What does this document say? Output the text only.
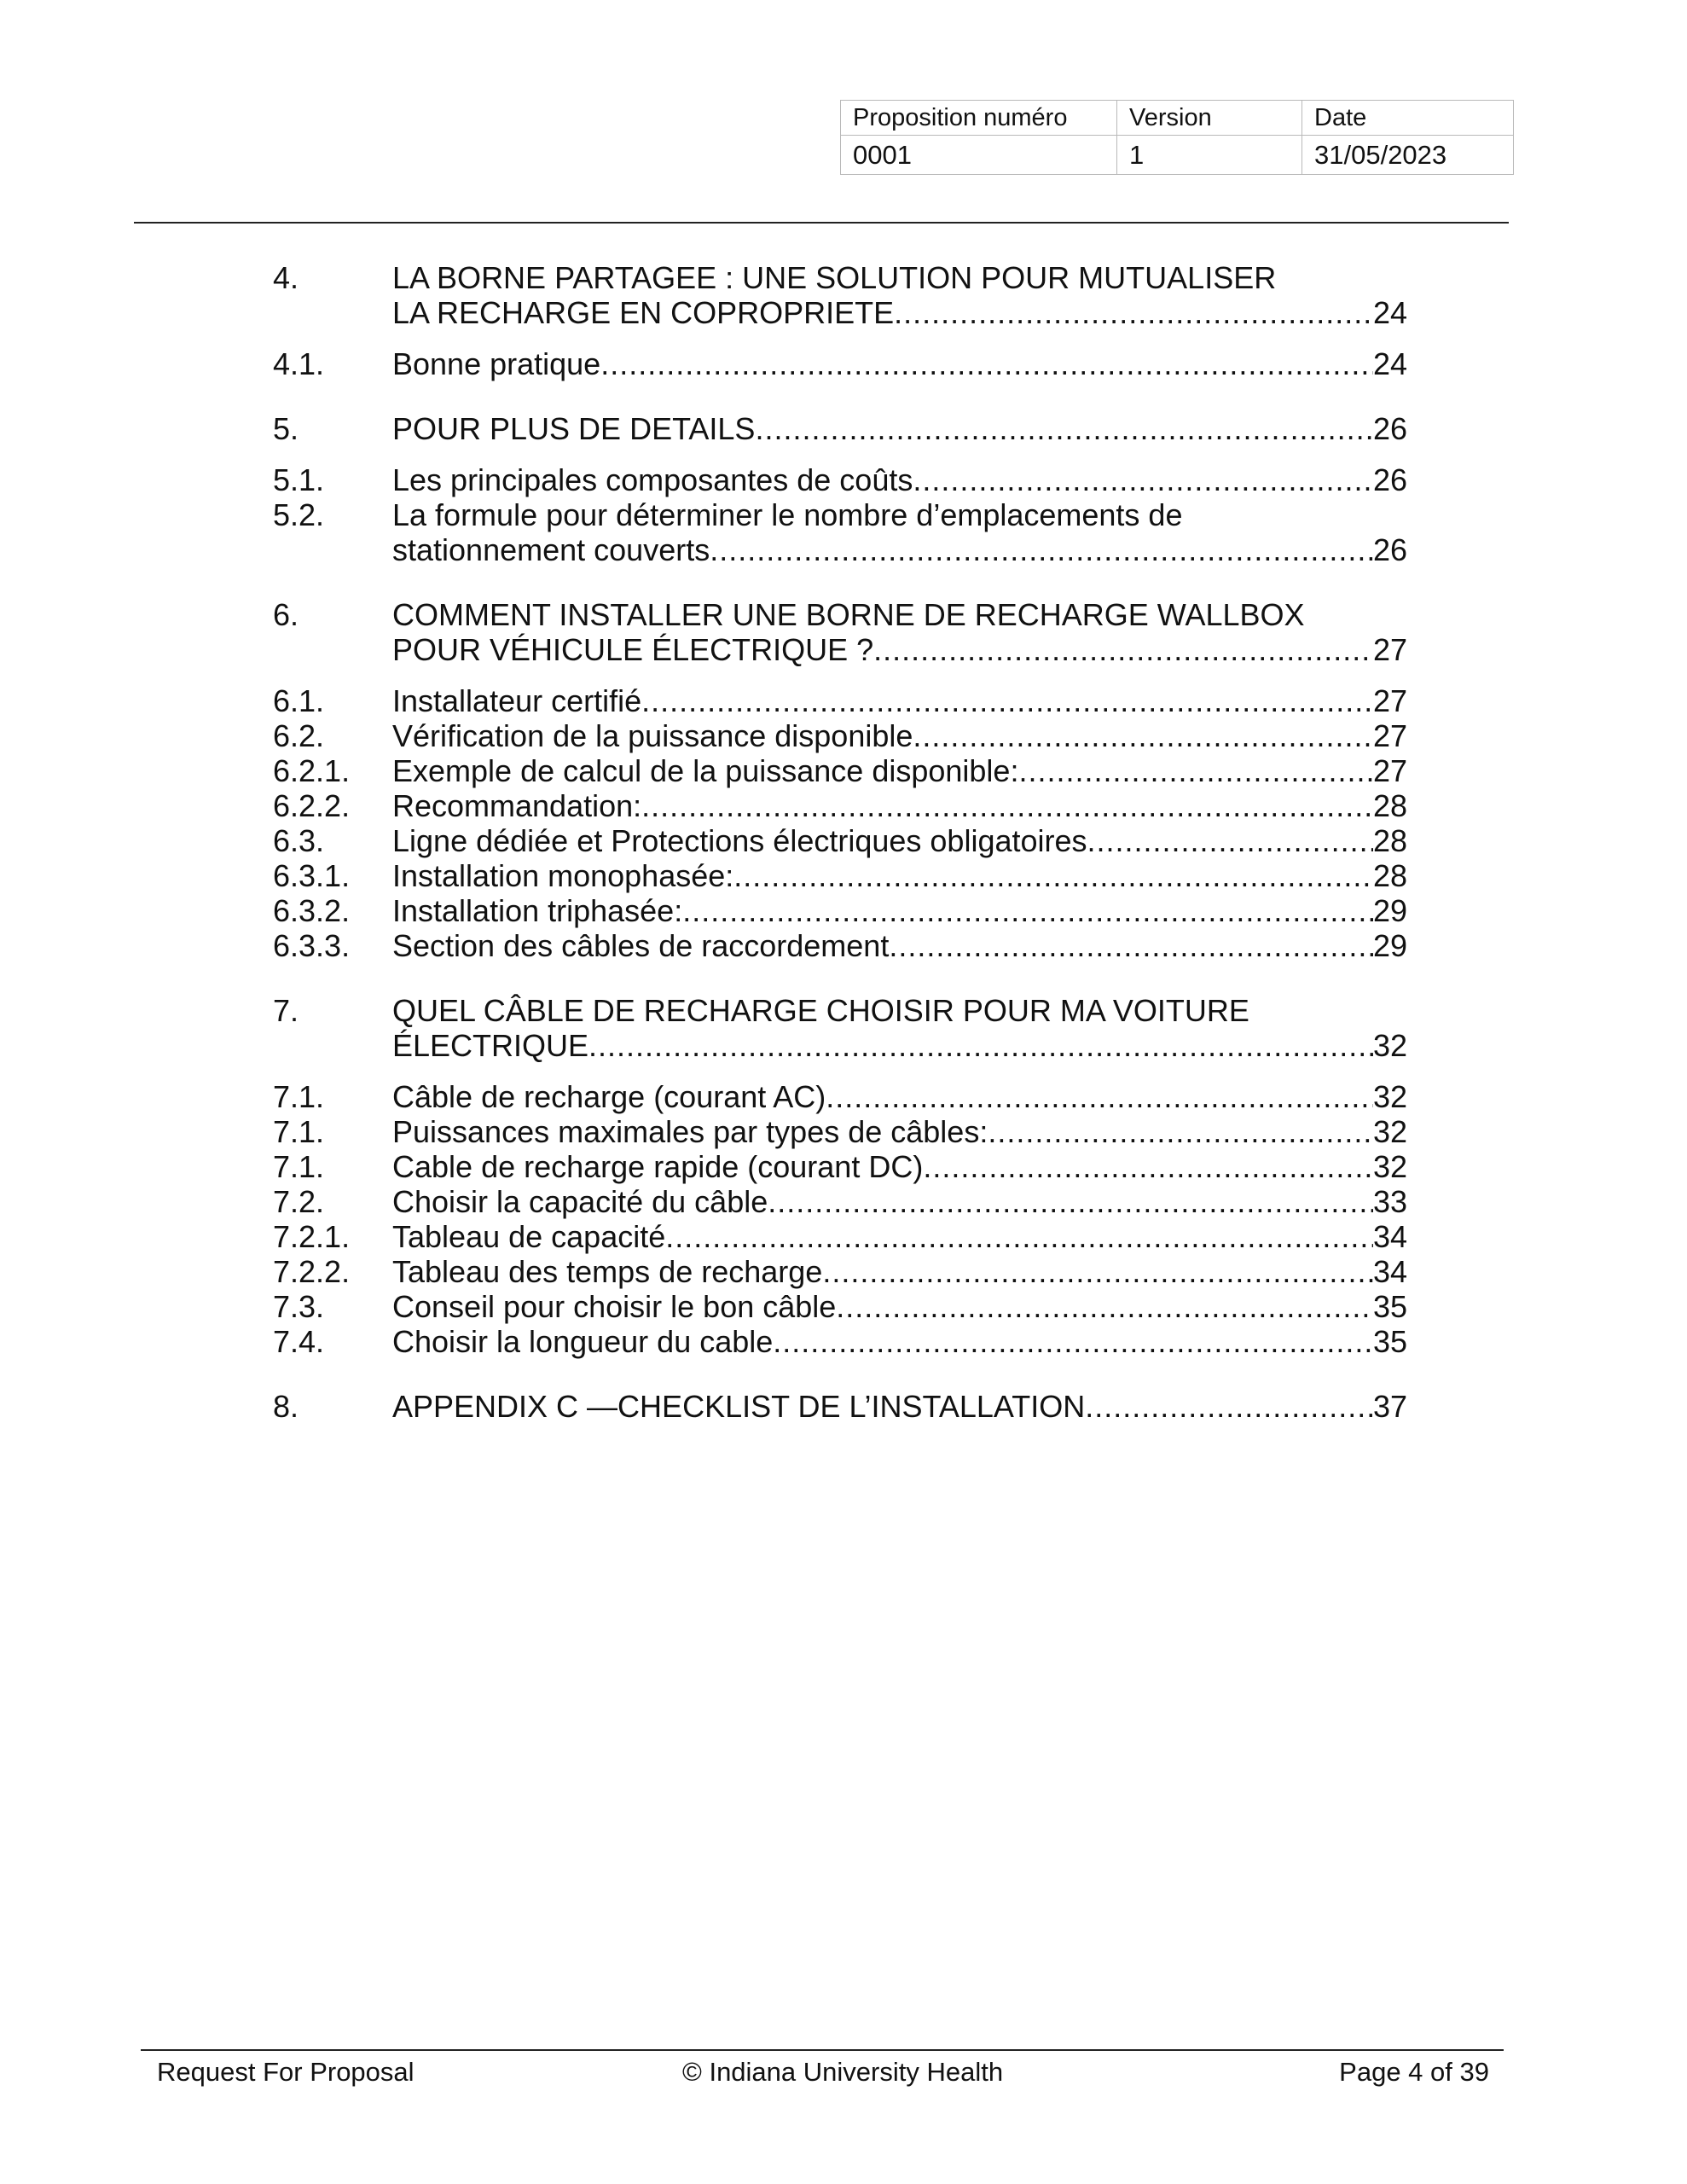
Proposition numéro	Version	Date
0001	1	31/05/2023
4.	LA BORNE PARTAGEE : UNE SOLUTION POUR MUTUALISER
LA RECHARGE EN COPROPRIETE .....	24
4.1.	Bonne pratique .....	24
5.	POUR PLUS DE DETAILS .....	26
5.1.	Les principales composantes de coûts .....	26
5.2.	La formule pour déterminer le nombre d’emplacements de
stationnement couverts .....	26
6.	COMMENT INSTALLER UNE BORNE DE RECHARGE WALLBOX
POUR VÉHICULE ÉLECTRIQUE ? .....	27
6.1.	Installateur certifié .....	27
6.2.	Vérification de la puissance disponible .....	27
6.2.1.	Exemple de calcul de la puissance disponible: .....	27
6.2.2.	Recommandation: .....	28
6.3.	Ligne dédiée et Protections électriques obligatoires .....	28
6.3.1.	Installation monophasée: .....	28
6.3.2.	Installation triphasée: .....	29
6.3.3.	Section des câbles de raccordement .....	29
7.	QUEL CÂBLE DE RECHARGE CHOISIR POUR MA VOITURE
ÉLECTRIQUE .....	32
7.1.	Câble de recharge (courant AC) .....	32
7.1.	Puissances maximales par types de câbles: .....	32
7.1.	Cable de recharge rapide (courant DC) .....	32
7.2.	Choisir la capacité du câble .....	33
7.2.1.	Tableau de capacité .....	34
7.2.2.	Tableau des temps de recharge .....	34
7.3.	Conseil pour choisir le bon câble .....	35
7.4.	Choisir la longueur du cable .....	35
8.	APPENDIX C —CHECKLIST DE L’INSTALLATION .....	37
Request For Proposal	© Indiana University Health	Page 4 of 39
